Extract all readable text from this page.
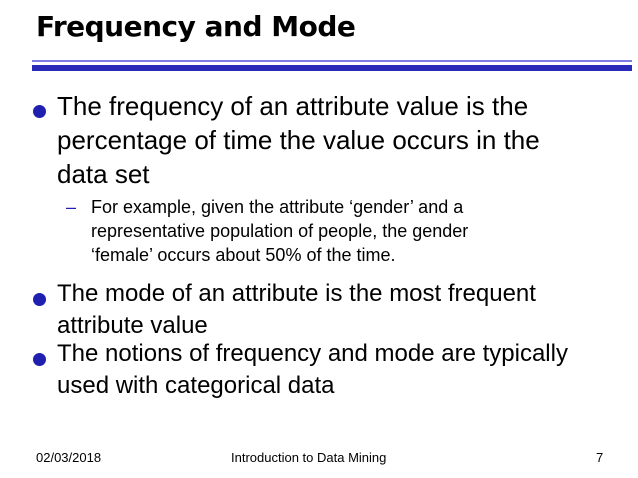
Frequency and Mode
The frequency of an attribute value is the
percentage of time the value occurs in the
data set
– For example, given the attribute ‘gender’ and a
representative population of people, the gender
‘female’ occurs about 50% of the time.
The mode of an attribute is the most frequent
attribute value
The notions of frequency and mode are typically
used with categorical data
02/03/2018	Introduction to Data Mining	7
